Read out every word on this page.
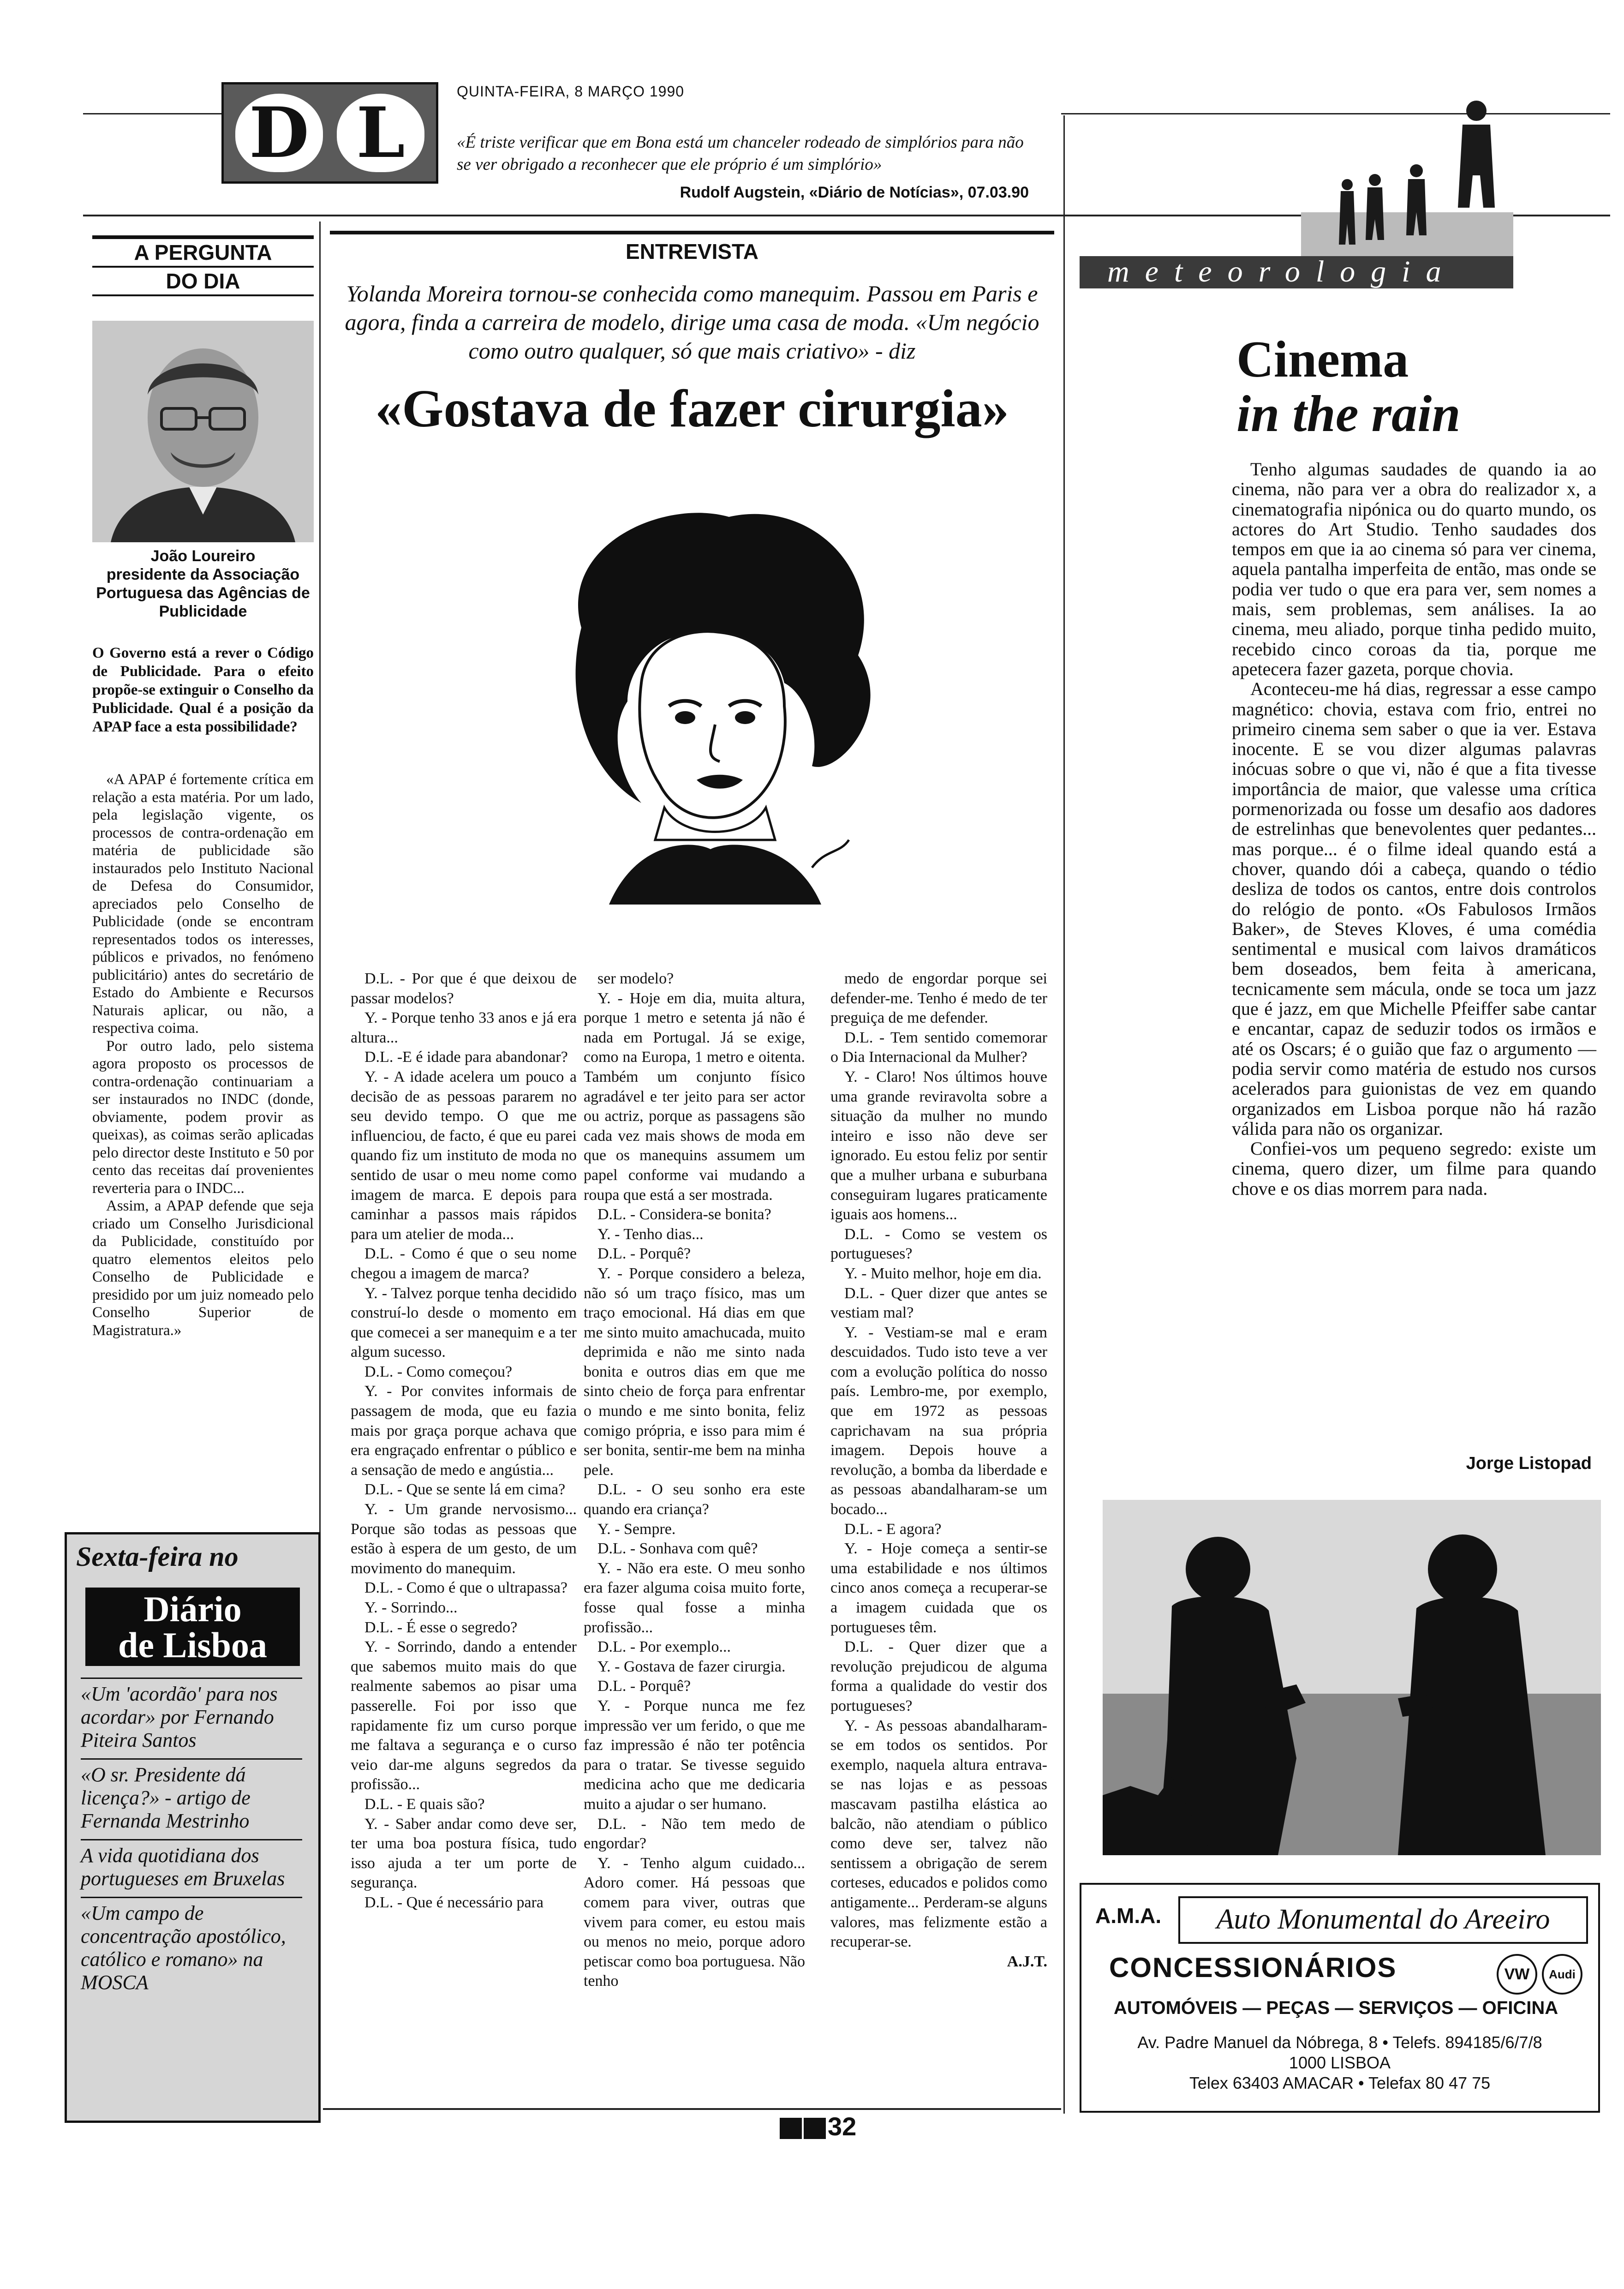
D L
QUINTA-FEIRA, 8 MARÇO 1990
«É triste verificar que em Bona está um chanceler rodeado de simplórios para não se ver obrigado a reconhecer que ele próprio é um simplório»
Rudolf Augstein, «Diário de Notícias», 07.03.90
A PERGUNTA
DO DIA
João Loureiro
presidente da Associação Portuguesa das Agências de Publicidade
O Governo está a rever o Código de Publicidade. Para o efeito propõe-se extinguir o Conselho da Publicidade. Qual é a posição da APAP face a esta possibilidade?

«A APAP é fortemente crítica em relação a esta matéria. Por um lado, pela legislação vigente, os processos de contra-ordenação em matéria de publicidade são instaurados pelo Instituto Nacional de Defesa do Consumidor, apreciados pelo Conselho de Publicidade (onde se encontram representados todos os interesses, públicos e privados, no fenómeno publicitário) antes do secretário de Estado do Ambiente e Recursos Naturais aplicar, ou não, a respectiva coima.

Por outro lado, pelo sistema agora proposto os processos de contra-ordenação continuariam a ser instaurados no INDC (donde, obviamente, podem provir as queixas), as coimas serão aplicadas pelo director deste Instituto e 50 por cento das receitas daí provenientes reverteria para o INDC...

Assim, a APAP defende que seja criado um Conselho Jurisdicional da Publicidade, constituído por quatro elementos eleitos pelo Conselho de Publicidade e presidido por um juiz nomeado pelo Conselho Superior de Magistratura.»

Sexta-feira no
Diário
de Lisboa
«Um 'acordão' para nos acordar» por Fernando Piteira Santos
«O sr. Presidente dá licença?» - artigo de Fernanda Mestrinho
A vida quotidiana dos portugueses em Bruxelas
«Um campo de concentração apostólico, católico e romano» na MOSCA
ENTREVISTA
Yolanda Moreira tornou-se conhecida como manequim. Passou em Paris e agora, finda a carreira de modelo, dirige uma casa de moda. «Um negócio como outro qualquer, só que mais criativo» - diz
«Gostava de fazer cirurgia»

D.L. - Por que é que deixou de passar modelos?

Y. - Porque tenho 33 anos e já era altura...

D.L. -E é idade para abandonar?

Y. - A idade acelera um pouco a decisão de as pessoas pararem no seu devido tempo. O que me influenciou, de facto, é que eu parei quando fiz um instituto de moda no sentido de usar o meu nome como imagem de marca. E depois para caminhar a passos mais rápidos para um atelier de moda...

D.L. - Como é que o seu nome chegou a imagem de marca?

Y. - Talvez porque tenha decidido construí-lo desde o momento em que comecei a ser manequim e a ter algum sucesso.

D.L. - Como começou?

Y. - Por convites informais de passagem de moda, que eu fazia mais por graça porque achava que era engraçado enfrentar o público e a sensação de medo e angústia...

D.L. - Que se sente lá em cima?

Y. - Um grande nervosismo... Porque são todas as pessoas que estão à espera de um gesto, de um movimento do manequim.

D.L. - Como é que o ultrapassa?

Y. - Sorrindo...

D.L. - É esse o segredo?

Y. - Sorrindo, dando a entender que sabemos muito mais do que realmente sabemos ao pisar uma passerelle. Foi por isso que rapidamente fiz um curso porque me faltava a segurança e o curso veio dar-me alguns segredos da profissão...

D.L. - E quais são?

Y. - Saber andar como deve ser, ter uma boa postura física, tudo isso ajuda a ter um porte de segurança.

D.L. - Que é necessário para

ser modelo?

Y. - Hoje em dia, muita altura, porque 1 metro e setenta já não é nada em Portugal. Já se exige, como na Europa, 1 metro e oitenta. Também um conjunto físico agradável e ter jeito para ser actor ou actriz, porque as passagens são cada vez mais shows de moda em que os manequins assumem um papel conforme vai mudando a roupa que está a ser mostrada.

D.L. - Considera-se bonita?

Y. - Tenho dias...

D.L. - Porquê?

Y. - Porque considero a beleza, não só um traço físico, mas um traço emocional. Há dias em que me sinto muito amachucada, muito deprimida e não me sinto nada bonita e outros dias em que me sinto cheio de força para enfrentar o mundo e me sinto bonita, feliz comigo própria, e isso para mim é ser bonita, sentir-me bem na minha pele.

D.L. - O seu sonho era este quando era criança?

Y. - Sempre.

D.L. - Sonhava com quê?

Y. - Não era este. O meu sonho era fazer alguma coisa muito forte, fosse qual fosse a minha profissão...

D.L. - Por exemplo...

Y. - Gostava de fazer cirurgia.

D.L. - Porquê?

Y. - Porque nunca me fez impressão ver um ferido, o que me faz impressão é não ter potência para o tratar. Se tivesse seguido medicina acho que me dedicaria muito a ajudar o ser humano.

D.L. - Não tem medo de engordar?

Y. - Tenho algum cuidado... Adoro comer. Há pessoas que comem para viver, outras que vivem para comer, eu estou mais ou menos no meio, porque adoro petiscar como boa portuguesa. Não tenho

medo de engordar porque sei defender-me. Tenho é medo de ter preguiça de me defender.

D.L. - Tem sentido comemorar o Dia Internacional da Mulher?

Y. - Claro! Nos últimos houve uma grande reviravolta sobre a situação da mulher no mundo inteiro e isso não deve ser ignorado. Eu estou feliz por sentir que a mulher urbana e suburbana conseguiram lugares praticamente iguais aos homens...

D.L. - Como se vestem os portugueses?

Y. - Muito melhor, hoje em dia.

D.L. - Quer dizer que antes se vestiam mal?

Y. - Vestiam-se mal e eram descuidados. Tudo isto teve a ver com a evolução política do nosso país. Lembro-me, por exemplo, que em 1972 as pessoas caprichavam na sua própria imagem. Depois houve a revolução, a bomba da liberdade e as pessoas abandalharam-se um bocado...

D.L. - E agora?

Y. - Hoje começa a sentir-se uma estabilidade e nos últimos cinco anos começa a recuperar-se a imagem cuidada que os portugueses têm.

D.L. - Quer dizer que a revolução prejudicou de alguma forma a qualidade do vestir dos portugueses?

Y. - As pessoas abandalharam-se em todos os sentidos. Por exemplo, naquela altura entrava-se nas lojas e as pessoas mascavam pastilha elástica ao balcão, não atendiam o público como deve ser, talvez não sentissem a obrigação de serem corteses, educados e polidos como antigamente... Perderam-se alguns valores, mas felizmente estão a recuperar-se.

A.J.T.

meteorologia
Cinema
in the rain

Tenho algumas saudades de quando ia ao cinema, não para ver a obra do realizador x, a cinematografia nipónica ou do quarto mundo, os actores do Art Studio. Tenho saudades dos tempos em que ia ao cinema só para ver cinema, aquela pantalha imperfeita de então, mas onde se podia ver tudo o que era para ver, sem nomes a mais, sem problemas, sem análises. Ia ao cinema, meu aliado, porque tinha pedido muito, recebido cinco coroas da tia, porque me apetecera fazer gazeta, porque chovia.

Aconteceu-me há dias, regressar a esse campo magnético: chovia, estava com frio, entrei no primeiro cinema sem saber o que ia ver. Estava inocente. E se vou dizer algumas palavras inócuas sobre o que vi, não é que a fita tivesse importância de maior, que valesse uma crítica pormenorizada ou fosse um desafio aos dadores de estrelinhas que benevolentes quer pedantes... mas porque... é o filme ideal quando está a chover, quando dói a cabeça, quando o tédio desliza de todos os cantos, entre dois controlos do relógio de ponto. «Os Fabulosos Irmãos Baker», de Steves Kloves, é uma comédia sentimental e musical com laivos dramáticos bem doseados, bem feita à americana, tecnicamente sem mácula, onde se toca um jazz que é jazz, em que Michelle Pfeiffer sabe cantar e encantar, capaz de seduzir todos os irmãos e até os Oscars; é o guião que faz o argumento — podia servir como matéria de estudo nos cursos acelerados para guionistas de vez em quando organizados em Lisboa porque não há razão válida para não os organizar.

Confiei-vos um pequeno segredo: existe um cinema, quero dizer, um filme para quando chove e os dias morrem para nada.

Jorge Listopad
A.M.A.	Auto Monumental do Areeiro
CONCESSIONÁRIOS	VW	Audi
AUTOMÓVEIS — PEÇAS — SERVIÇOS — OFICINA
Av. Padre Manuel da Nóbrega, 8 • Telefs. 894185/6/7/8
1000 LISBOA
Telex 63403 AMACAR • Telefax 80 47 75
32
